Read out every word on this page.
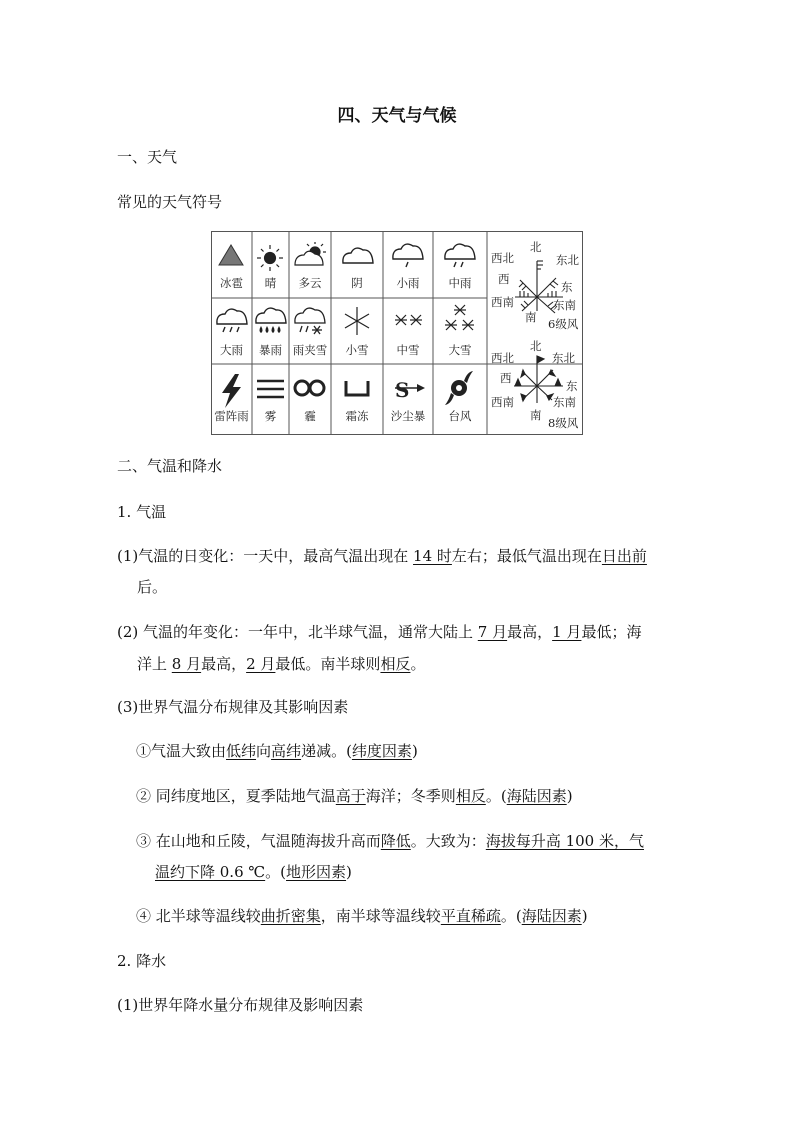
四、天气与气候
一、天气
常见的天气符号
冰雹 晴 多云	阴	小雨	中雨
大雨 暴雨 雨夹雪 小雪 中雪	大雪
S
雷阵雨 雾 霾	霜冻 沙尘暴 台风
西北
北
东北
西
东
西南
南
东南
6级风
西北
北
东北
西
东
西南
南
东南
8级风
二、气温和降水
1. 气温
(1)气温的日变化：一天中，最高气温出现在 14 时左右；最低气温出现在日出前
后。
(2) 气温的年变化：一年中，北半球气温，通常大陆上 7 月最高，1 月最低；海
洋上 8 月最高，2 月最低。南半球则相反。
(3)世界气温分布规律及其影响因素
①气温大致由低纬向高纬递减。(纬度因素)
② 同纬度地区，夏季陆地气温高于海洋；冬季则相反。(海陆因素)
③ 在山地和丘陵，气温随海拔升高而降低。大致为：海拔每升高 100 米，气
温约下降 0.6 ℃。(地形因素)
④ 北半球等温线较曲折密集，南半球等温线较平直稀疏。(海陆因素)
2. 降水
(1)世界年降水量分布规律及影响因素
